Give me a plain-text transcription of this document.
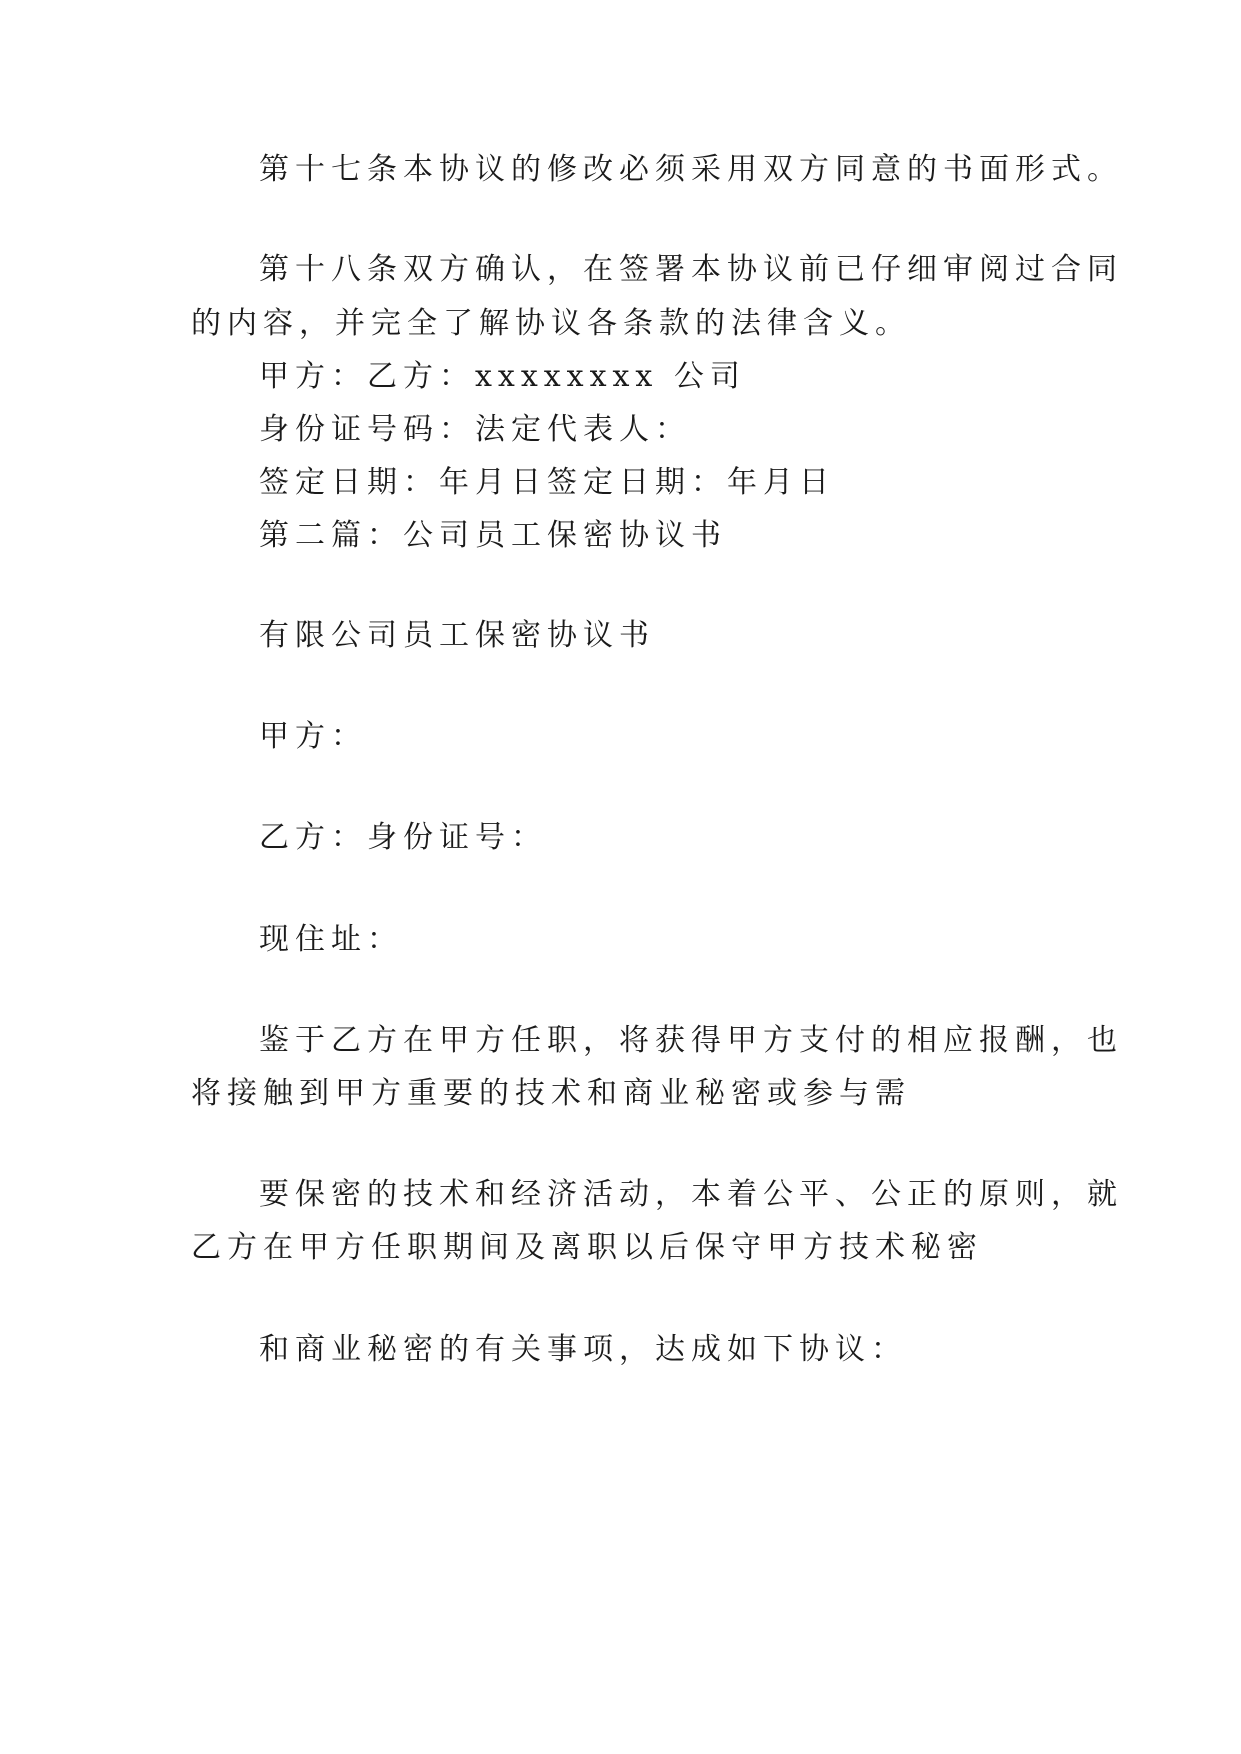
第十七条本协议的修改必须采用双方同意的书面形式。

第十八条双方确认，在签署本协议前已仔细审阅过合同

的内容，并完全了解协议各条款的法律含义。

甲方：乙方：xxxxxxxx 公司

身份证号码：法定代表人：

签定日期：年月日签定日期：年月日

第二篇：公司员工保密协议书

有限公司员工保密协议书

甲方：

乙方：身份证号：

现住址：

鉴于乙方在甲方任职，将获得甲方支付的相应报酬，也

将接触到甲方重要的技术和商业秘密或参与需

要保密的技术和经济活动，本着公平、公正的原则，就

乙方在甲方任职期间及离职以后保守甲方技术秘密

和商业秘密的有关事项，达成如下协议：
